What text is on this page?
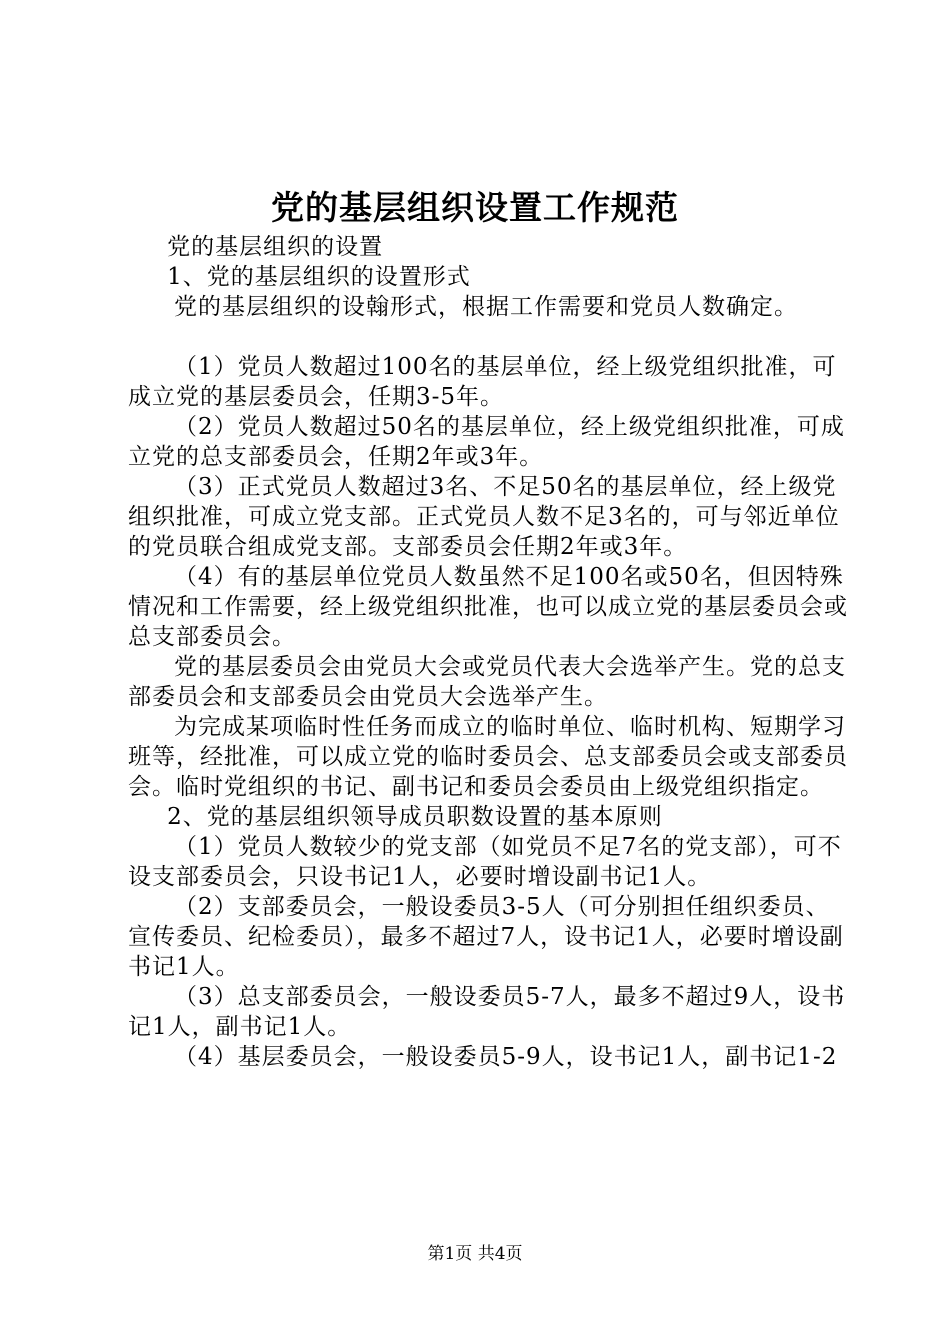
党的基层组织设置工作规范

党的基层组织的设置

1、党的基层组织的设置形式

党的基层组织的设翰形式，根据工作需要和党员人数确定。

（1）党员人数超过100名的基层单位，经上级党组织批准，可成立党的基层委员会，任期3-5年。

（2）党员人数超过50名的基层单位，经上级党组织批准，可成立党的总支部委员会，任期2年或3年。

（3）正式党员人数超过3名、不足50名的基层单位，经上级党组织批准，可成立党支部。正式党员人数不足3名的，可与邻近单位的党员联合组成党支部。支部委员会任期2年或3年。

（4）有的基层单位党员人数虽然不足100名或50名，但因特殊情况和工作需要，经上级党组织批准，也可以成立党的基层委员会或总支部委员会。

党的基层委员会由党员大会或党员代表大会选举产生。党的总支部委员会和支部委员会由党员大会选举产生。

为完成某项临时性任务而成立的临时单位、临时机构、短期学习班等，经批准，可以成立党的临时委员会、总支部委员会或支部委员会。临时党组织的书记、副书记和委员会委员由上级党组织指定。

2、党的基层组织领导成员职数设置的基本原则

（1）党员人数较少的党支部（如党员不足7名的党支部），可不设支部委员会，只设书记1人，必要时增设副书记1人。

（2）支部委员会，一般设委员3-5人（可分别担任组织委员、宣传委员、纪检委员），最多不超过7人，设书记1人，必要时增设副书记1人。

（3）总支部委员会，一般设委员5-7人，最多不超过9人，设书记1人，副书记1人。

（4）基层委员会，一般设委员5-9人，设书记1人，副书记1-2

第1页 共4页
